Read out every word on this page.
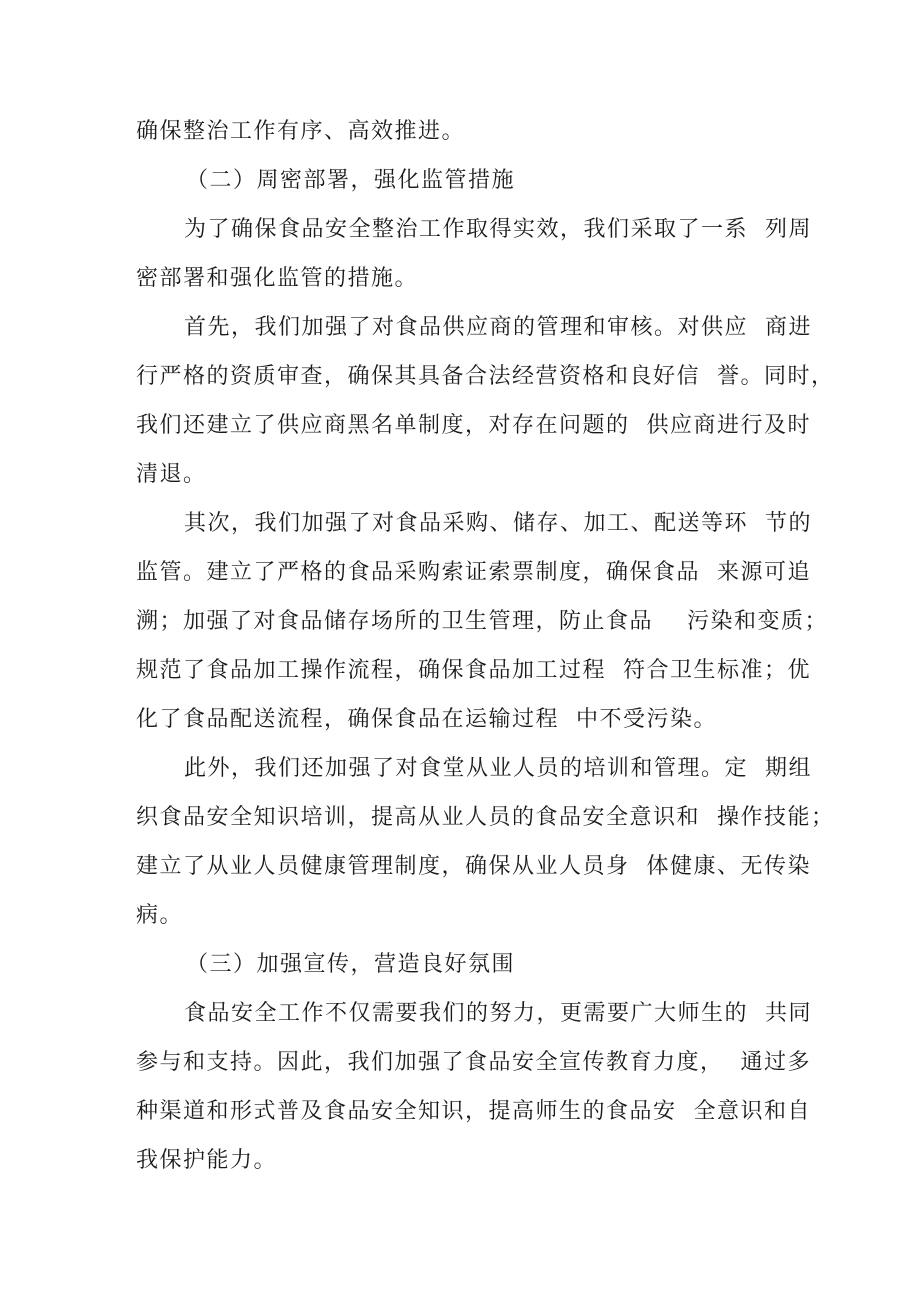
确保整治工作有序、高效推进。
（二）周密部署，强化监管措施
为了确保食品安全整治工作取得实效，我们采取了一系  列周
密部署和强化监管的措施。
首先，我们加强了对食品供应商的管理和审核。对供应  商进
行严格的资质审查，确保其具备合法经营资格和良好信  誉。同时，
我们还建立了供应商黑名单制度，对存在问题的  供应商进行及时
清退。
其次，我们加强了对食品采购、储存、加工、配送等环  节的
监管。建立了严格的食品采购索证索票制度，确保食品  来源可追
溯；加强了对食品储存场所的卫生管理，防止食品    污染和变质；
规范了食品加工操作流程，确保食品加工过程  符合卫生标准；优
化了食品配送流程，确保食品在运输过程  中不受污染。
此外，我们还加强了对食堂从业人员的培训和管理。定  期组
织食品安全知识培训，提高从业人员的食品安全意识和  操作技能；
建立了从业人员健康管理制度，确保从业人员身  体健康、无传染
病。
（三）加强宣传，营造良好氛围
食品安全工作不仅需要我们的努力，更需要广大师生的  共同
参与和支持。因此，我们加强了食品安全宣传教育力度，  通过多
种渠道和形式普及食品安全知识，提高师生的食品安  全意识和自
我保护能力。
